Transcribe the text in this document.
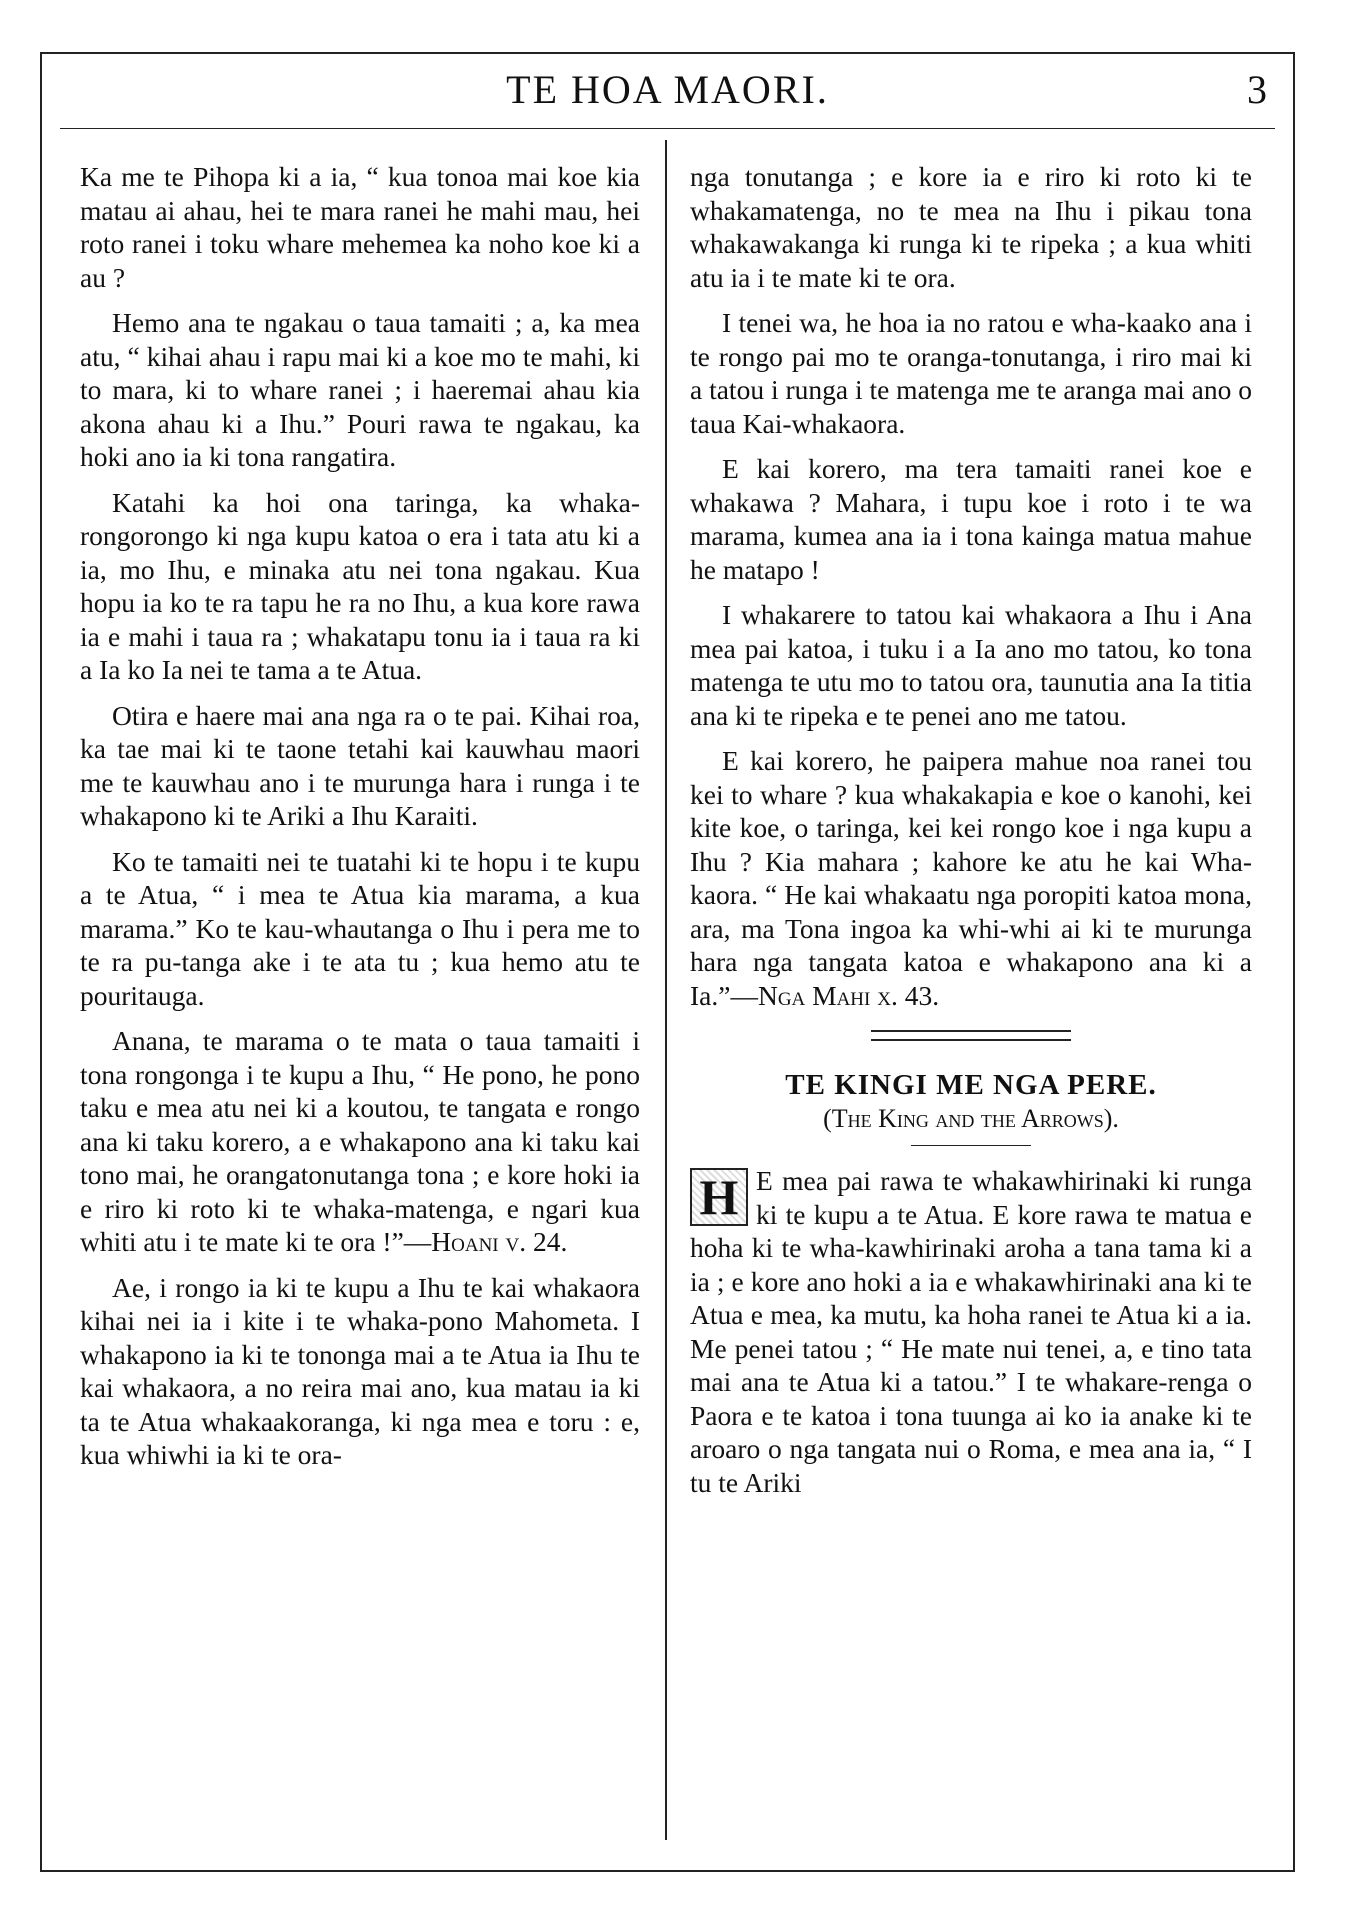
TE HOA MAORI.	3

Ka me te Pihopa ki a ia, “ kua tonoa mai koe kia matau ai ahau, hei te mara ranei he mahi mau, hei roto ranei i toku whare mehemea ka noho koe ki a au ?

Hemo ana te ngakau o taua tamaiti ; a, ka mea atu, “ kihai ahau i rapu mai ki a koe mo te mahi, ki to mara, ki to whare ranei ; i haeremai ahau kia akona ahau ki a Ihu.” Pouri rawa te ngakau, ka hoki ano ia ki tona rangatira.

Katahi ka hoi ona taringa, ka whaka-rongorongo ki nga kupu katoa o era i tata atu ki a ia, mo Ihu, e minaka atu nei tona ngakau. Kua hopu ia ko te ra tapu he ra no Ihu, a kua kore rawa ia e mahi i taua ra ; whakatapu tonu ia i taua ra ki a Ia ko Ia nei te tama a te Atua.

Otira e haere mai ana nga ra o te pai. Kihai roa, ka tae mai ki te taone tetahi kai kauwhau maori me te kauwhau ano i te murunga hara i runga i te whakapono ki te Ariki a Ihu Karaiti.

Ko te tamaiti nei te tuatahi ki te hopu i te kupu a te Atua, “ i mea te Atua kia marama, a kua marama.” Ko te kau-whautanga o Ihu i pera me to te ra pu-tanga ake i te ata tu ; kua hemo atu te pouritauga.

Anana, te marama o te mata o taua tamaiti i tona rongonga i te kupu a Ihu, “ He pono, he pono taku e mea atu nei ki a koutou, te tangata e rongo ana ki taku korero, a e whakapono ana ki taku kai tono mai, he orangatonutanga tona ; e kore hoki ia e riro ki roto ki te whaka-matenga, e ngari kua whiti atu i te mate ki te ora !”—Hoani v. 24.

Ae, i rongo ia ki te kupu a Ihu te kai whakaora kihai nei ia i kite i te whaka-pono Mahometa. I whakapono ia ki te tononga mai a te Atua ia Ihu te kai whakaora, a no reira mai ano, kua matau ia ki ta te Atua whakaakoranga, ki nga mea e toru : e, kua whiwhi ia ki te ora-

nga tonutanga ; e kore ia e riro ki roto ki te whakamatenga, no te mea na Ihu i pikau tona whakawakanga ki runga ki te ripeka ; a kua whiti atu ia i te mate ki te ora.

I tenei wa, he hoa ia no ratou e wha-kaako ana i te rongo pai mo te oranga-tonutanga, i riro mai ki a tatou i runga i te matenga me te aranga mai ano o taua Kai-whakaora.

E kai korero, ma tera tamaiti ranei koe e whakawa ? Mahara, i tupu koe i roto i te wa marama, kumea ana ia i tona kainga matua mahue he matapo !

I whakarere to tatou kai whakaora a Ihu i Ana mea pai katoa, i tuku i a Ia ano mo tatou, ko tona matenga te utu mo to tatou ora, taunutia ana Ia titia ana ki te ripeka e te penei ano me tatou.

E kai korero, he paipera mahue noa ranei tou kei to whare ? kua whakakapia e koe o kanohi, kei kite koe, o taringa, kei kei rongo koe i nga kupu a Ihu ? Kia mahara ; kahore ke atu he kai Wha-kaora. “ He kai whakaatu nga poropiti katoa mona, ara, ma Tona ingoa ka whi-whi ai ki te murunga hara nga tangata katoa e whakapono ana ki a Ia.”—Nga Mahi x. 43.

TE KINGI ME NGA PERE.
(The King and the Arrows).

H E mea pai rawa te whakawhirinaki ki runga ki te kupu a te Atua. E kore rawa te matua e hoha ki te wha-kawhirinaki aroha a tana tama ki a ia ; e kore ano hoki a ia e whakawhirinaki ana ki te Atua e mea, ka mutu, ka hoha ranei te Atua ki a ia. Me penei tatou ; “ He mate nui tenei, a, e tino tata mai ana te Atua ki a tatou.” I te whakare-renga o Paora e te katoa i tona tuunga ai ko ia anake ki te aroaro o nga tangata nui o Roma, e mea ana ia, “ I tu te Ariki
